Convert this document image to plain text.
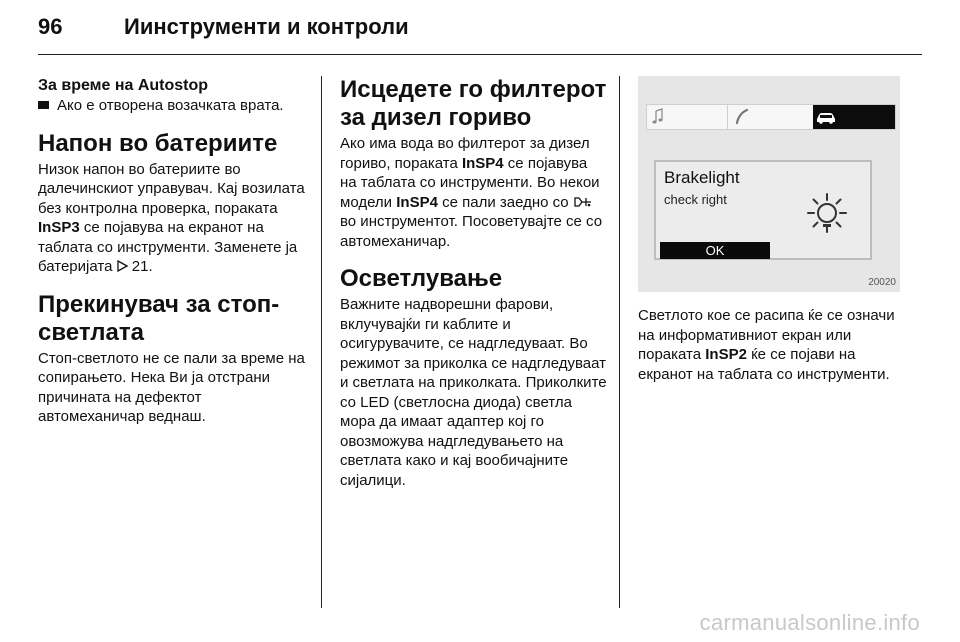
96	Иинструменти и контроли
За време на Autostop

Ако е отворена возачката врата.

Напон во батериите

Низок напон во батериите во далечинскиот управувач. Кај возилата без контролна проверка, пораката InSP3 се појавува на екранот на таблата со инструменти. Заменете ја батеријата  21.

Прекинувач за стоп-светлата

Стоп-светлото не се пали за време на сопирањето. Нека Ви ја отстрани причината на дефектот автомеханичар веднаш.

Исцедете го филтерот за дизел гориво

Ако има вода во филтерот за дизел гориво, пораката InSP4 се појавува на таблата со инструменти. Во некои модели InSP4 се пали заедно со  во инструментот. Посоветувајте се со автомеханичар.

Осветлување

Важните надворешни фарови, вклучувајќи ги каблите и осигурувачите, се надгледуваат. Во режимот за приколка се надгледуваат и светлата на приколката. Приколките со LED (светлосна диода) светла мора да имаат адаптер кој го овозможува надгледувањето на светлата како и кај вообичајните сијалици.

Brakelight
check right
OK
20020

Светлото кое се расипа ќе се означи на информативниот екран или пораката InSP2 ќе се појави на екранот на таблата со инструменти.

carmanualsonline.info
